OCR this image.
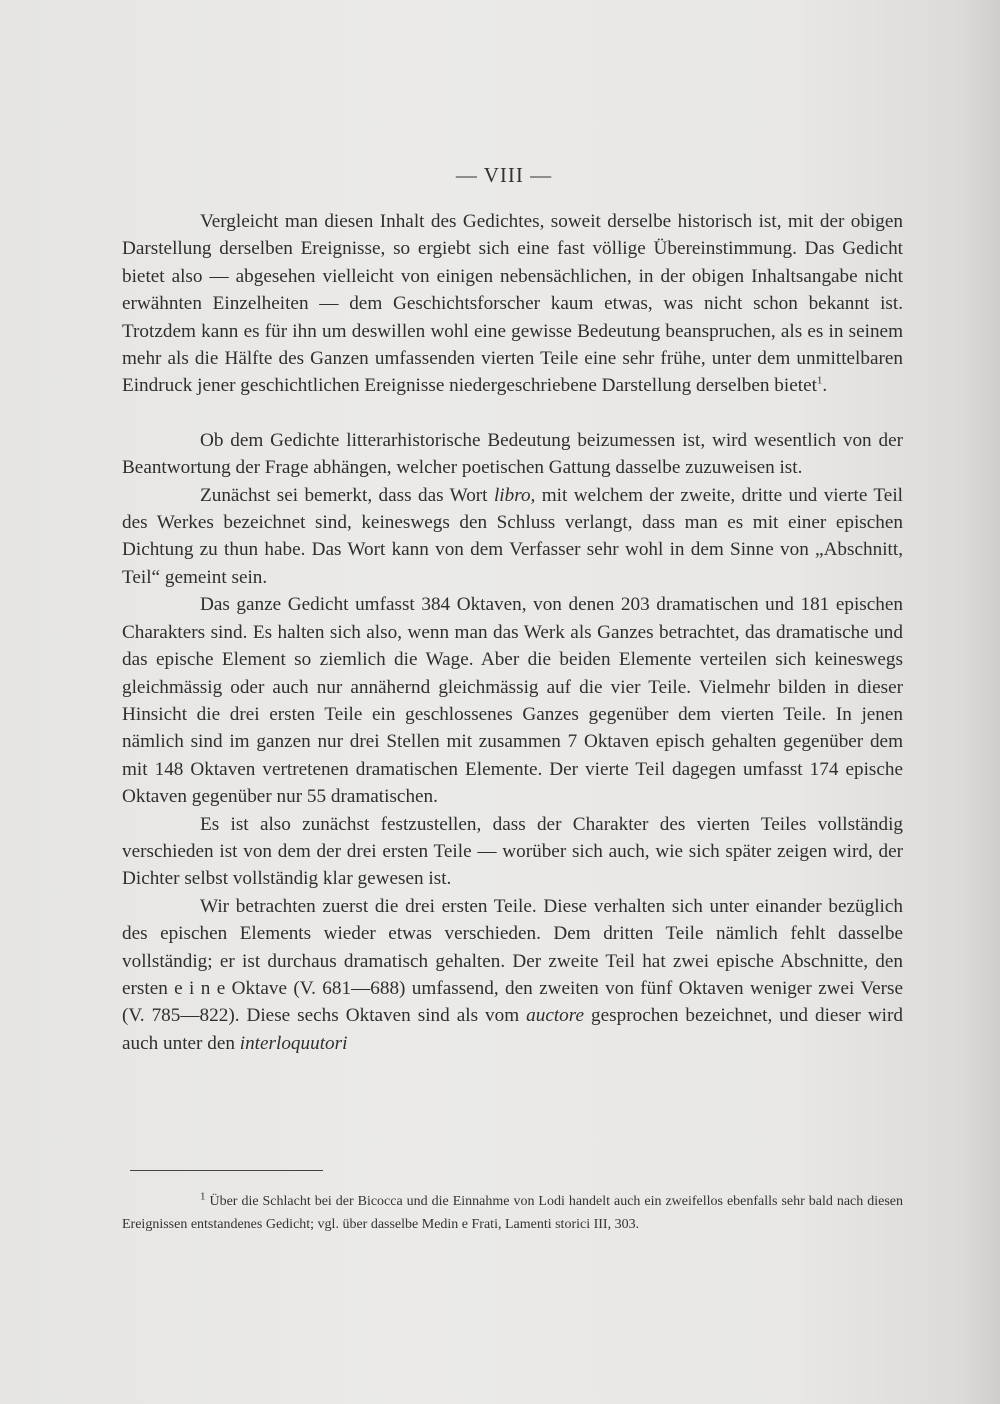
— VIII —

Vergleicht man diesen Inhalt des Gedichtes, soweit derselbe historisch ist, mit der obigen Darstellung derselben Ereignisse, so ergiebt sich eine fast völlige Übereinstimmung. Das Gedicht bietet also — abgesehen vielleicht von einigen nebensächlichen, in der obigen Inhaltsangabe nicht erwähnten Einzelheiten — dem Geschichtsforscher kaum etwas, was nicht schon bekannt ist. Trotzdem kann es für ihn um deswillen wohl eine gewisse Bedeutung beanspruchen, als es in seinem mehr als die Hälfte des Ganzen umfassenden vierten Teile eine sehr frühe, unter dem unmittelbaren Eindruck jener geschichtlichen Ereignisse niedergeschriebene Darstellung derselben bietet$^1$.

Ob dem Gedichte litterarhistorische Bedeutung beizumessen ist, wird wesentlich von der Beantwortung der Frage abhängen, welcher poetischen Gattung dasselbe zuzuweisen ist.

Zunächst sei bemerkt, dass das Wort libro, mit welchem der zweite, dritte und vierte Teil des Werkes bezeichnet sind, keineswegs den Schluss verlangt, dass man es mit einer epischen Dichtung zu thun habe. Das Wort kann von dem Verfasser sehr wohl in dem Sinne von „Abschnitt, Teil“ gemeint sein.

Das ganze Gedicht umfasst 384 Oktaven, von denen 203 dramatischen und 181 epischen Charakters sind. Es halten sich also, wenn man das Werk als Ganzes betrachtet, das dramatische und das epische Element so ziemlich die Wage. Aber die beiden Elemente verteilen sich keineswegs gleichmässig oder auch nur annähernd gleichmässig auf die vier Teile. Vielmehr bilden in dieser Hinsicht die drei ersten Teile ein geschlossenes Ganzes gegenüber dem vierten Teile. In jenen nämlich sind im ganzen nur drei Stellen mit zusammen 7 Oktaven episch gehalten gegenüber dem mit 148 Oktaven vertretenen dramatischen Elemente. Der vierte Teil dagegen umfasst 174 epische Oktaven gegenüber nur 55 dramatischen.

Es ist also zunächst festzustellen, dass der Charakter des vierten Teiles vollständig verschieden ist von dem der drei ersten Teile — worüber sich auch, wie sich später zeigen wird, der Dichter selbst vollständig klar gewesen ist.

Wir betrachten zuerst die drei ersten Teile. Diese verhalten sich unter einander bezüglich des epischen Elements wieder etwas verschieden. Dem dritten Teile nämlich fehlt dasselbe vollständig; er ist durchaus dramatisch gehalten. Der zweite Teil hat zwei epische Abschnitte, den ersten e i n e Oktave (V. 681—688) umfassend, den zweiten von fünf Oktaven weniger zwei Verse (V. 785—822). Diese sechs Oktaven sind als vom auctore gesprochen bezeichnet, und dieser wird auch unter den interloquutori

$^1$ Über die Schlacht bei der Bicocca und die Einnahme von Lodi handelt auch ein zweifellos ebenfalls sehr bald nach diesen Ereignissen entstandenes Gedicht; vgl. über dasselbe Medin e Frati, Lamenti storici III, 303.
